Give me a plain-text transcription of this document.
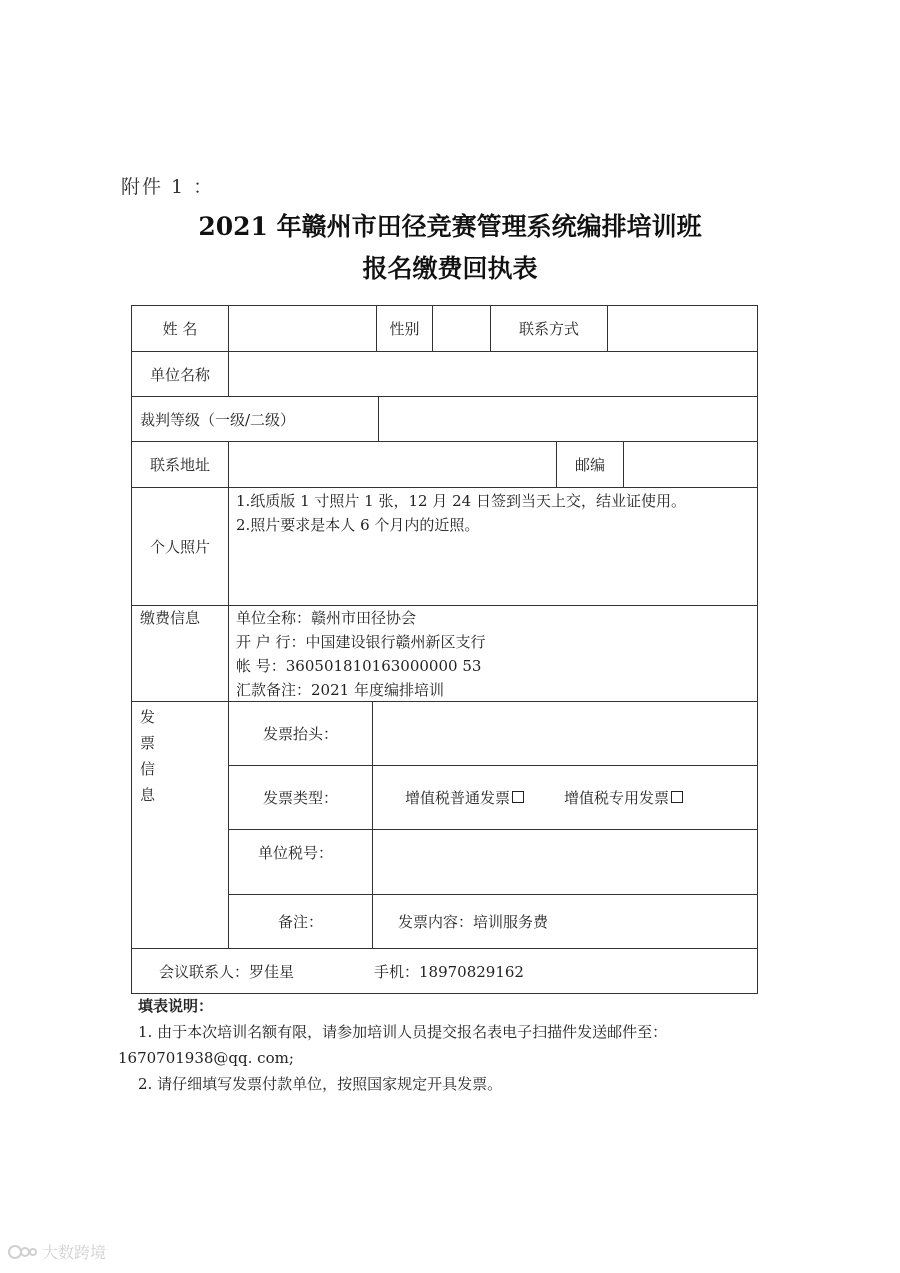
附件 1 ：
2021 年赣州市田径竞赛管理系统编排培训班
报名缴费回执表
姓 名	性别	联系方式
单位名称
裁判等级（一级/二级）
联系地址	邮编
个人照片
1.纸质版 1 寸照片 1 张，12 月 24 日签到当天上交，结业证使用。
2.照片要求是本人 6 个月内的近照。
缴费信息 单位全称：赣州市田径协会
开 户 行：中国建设银行赣州新区支行
帐 号：360501810163000000 53
汇款备注：2021 年度编排培训
发
票
信
息
发票抬头：
发票类型：	增值税普通发票	增值税专用发票
单位税号：
备注：	发票内容：培训服务费
会议联系人：罗佳星	手机：18970829162
填表说明：
1. 由于本次培训名额有限，请参加培训人员提交报名表电子扫描件发送邮件至：
1670701938@qq. com;
2. 请仔细填写发票付款单位，按照国家规定开具发票。
大数跨境
